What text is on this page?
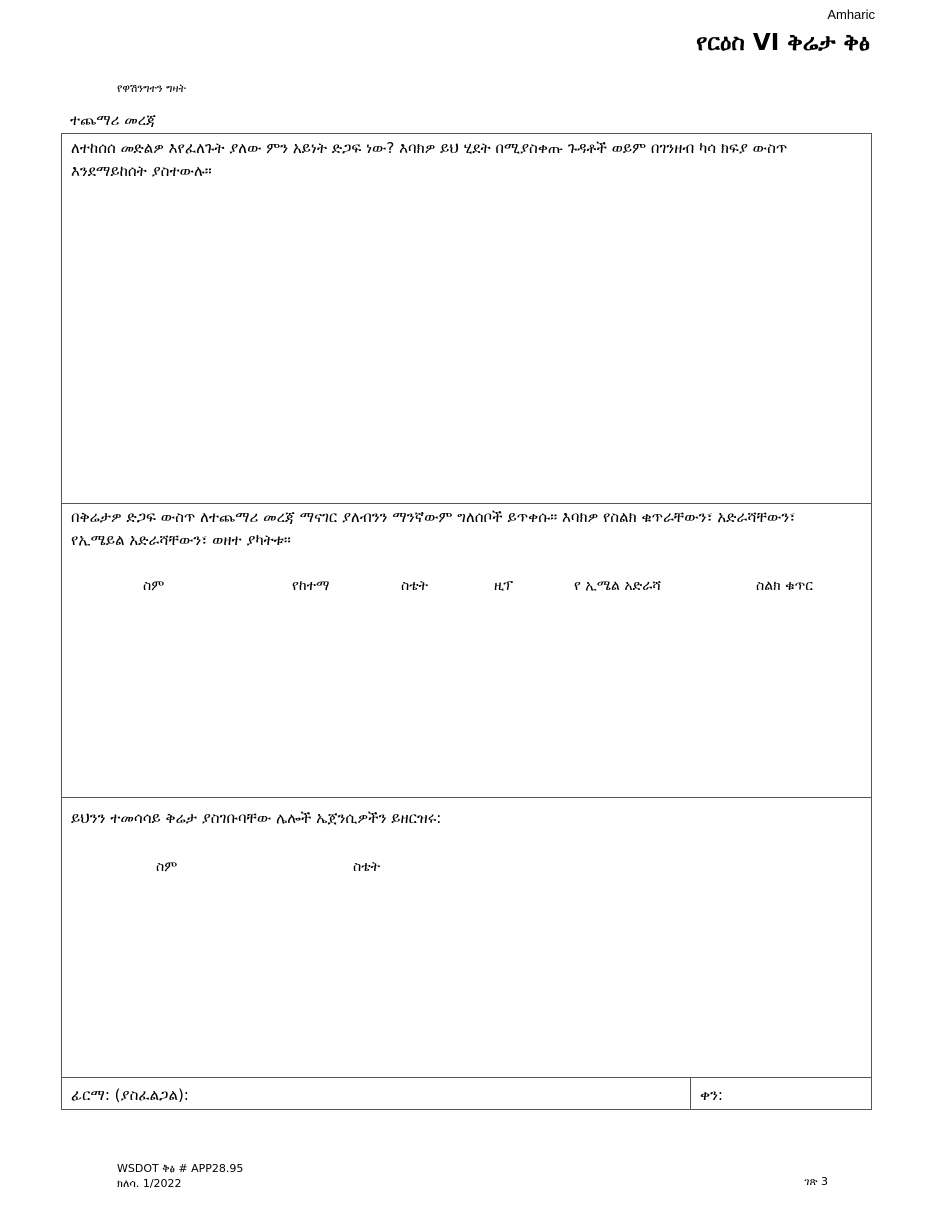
Amharic
የርዕስ VI ቅሬታ ቅፅ
የዋሽንግተን ግዛት
ተጨማሪ መረጃ
ለተከሰሰ መድልዎ እየፈለጉት ያለው ምን አይነት ድጋፍ ነው? እባክዎ ይህ ሂደት በሚያስቀጡ ጉዳቶች ወይም በገንዘብ ካሳ ክፍያ ውስጥ እንደማይከሰት ያስተውሉ።
በቅሬታዎ ድጋፍ ውስጥ ለተጨማሪ መረጃ ማናገር ያለብንን ማንኛውም ግለሰቦች ይጥቀሱ። እባክዎ የስልክ ቁጥራቸውን፣ አድራሻቸውን፣ የኢሜይል አድራሻቸውን፣ ወዘተ ያካትቱ።
ስም	የከተማ	ስቴት	ዚፕ	የ ኢሜል አድራሻ	ስልክ ቁጥር
ይህንን ተመሳሳይ ቅሬታ ያስገቡባቸው ሌሎች ኤጀንሲዎችን ይዘርዝሩ:
ስም	ስቴት
ፊርማ: (ያስፈልጋል):	ቀን:
WSDOT ቅፅ # APP28.95
ክለሳ. 1/2022	ገጽ 3
